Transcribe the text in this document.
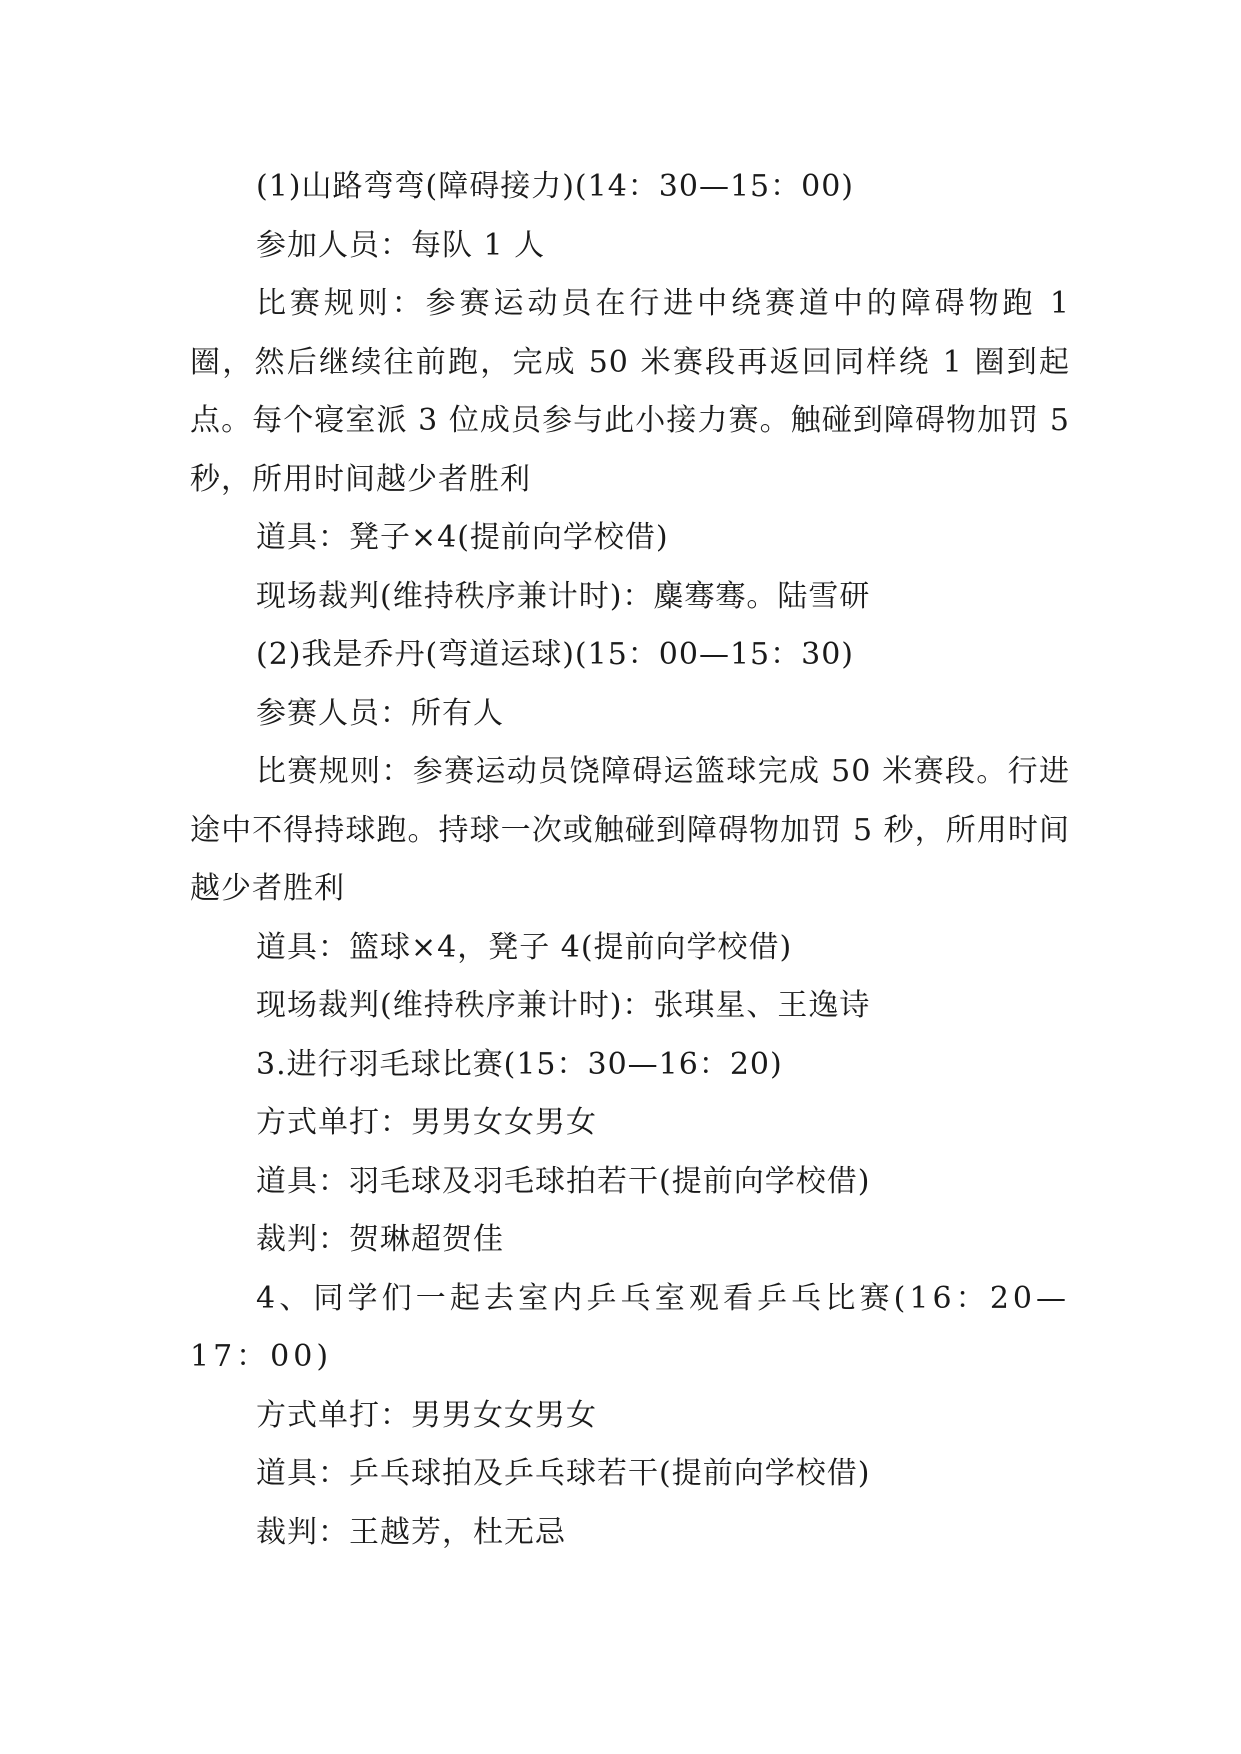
(1)山路弯弯(障碍接力)(14：30—15：00)

参加人员：每队 1 人

比赛规则：参赛运动员在行进中绕赛道中的障碍物跑 1 圈，然后继续往前跑，完成 50 米赛段再返回同样绕 1 圈到起点。每个寝室派 3 位成员参与此小接力赛。触碰到障碍物加罚 5 秒，所用时间越少者胜利

道具：凳子×4(提前向学校借)

现场裁判(维持秩序兼计时)：麋骞骞。陆雪研

(2)我是乔丹(弯道运球)(15：00—15：30)

参赛人员：所有人

比赛规则：参赛运动员饶障碍运篮球完成 50 米赛段。行进途中不得持球跑。持球一次或触碰到障碍物加罚 5 秒，所用时间越少者胜利

道具：篮球×4，凳子 4(提前向学校借)

现场裁判(维持秩序兼计时)：张琪星、王逸诗

3.进行羽毛球比赛(15：30—16：20)

方式单打：男男女女男女

道具：羽毛球及羽毛球拍若干(提前向学校借)

裁判：贺琳超贺佳

4、同学们一起去室内乒乓室观看乒乓比赛(16：20—17：00)

方式单打：男男女女男女

道具：乒乓球拍及乒乓球若干(提前向学校借)

裁判：王越芳，杜无忌
